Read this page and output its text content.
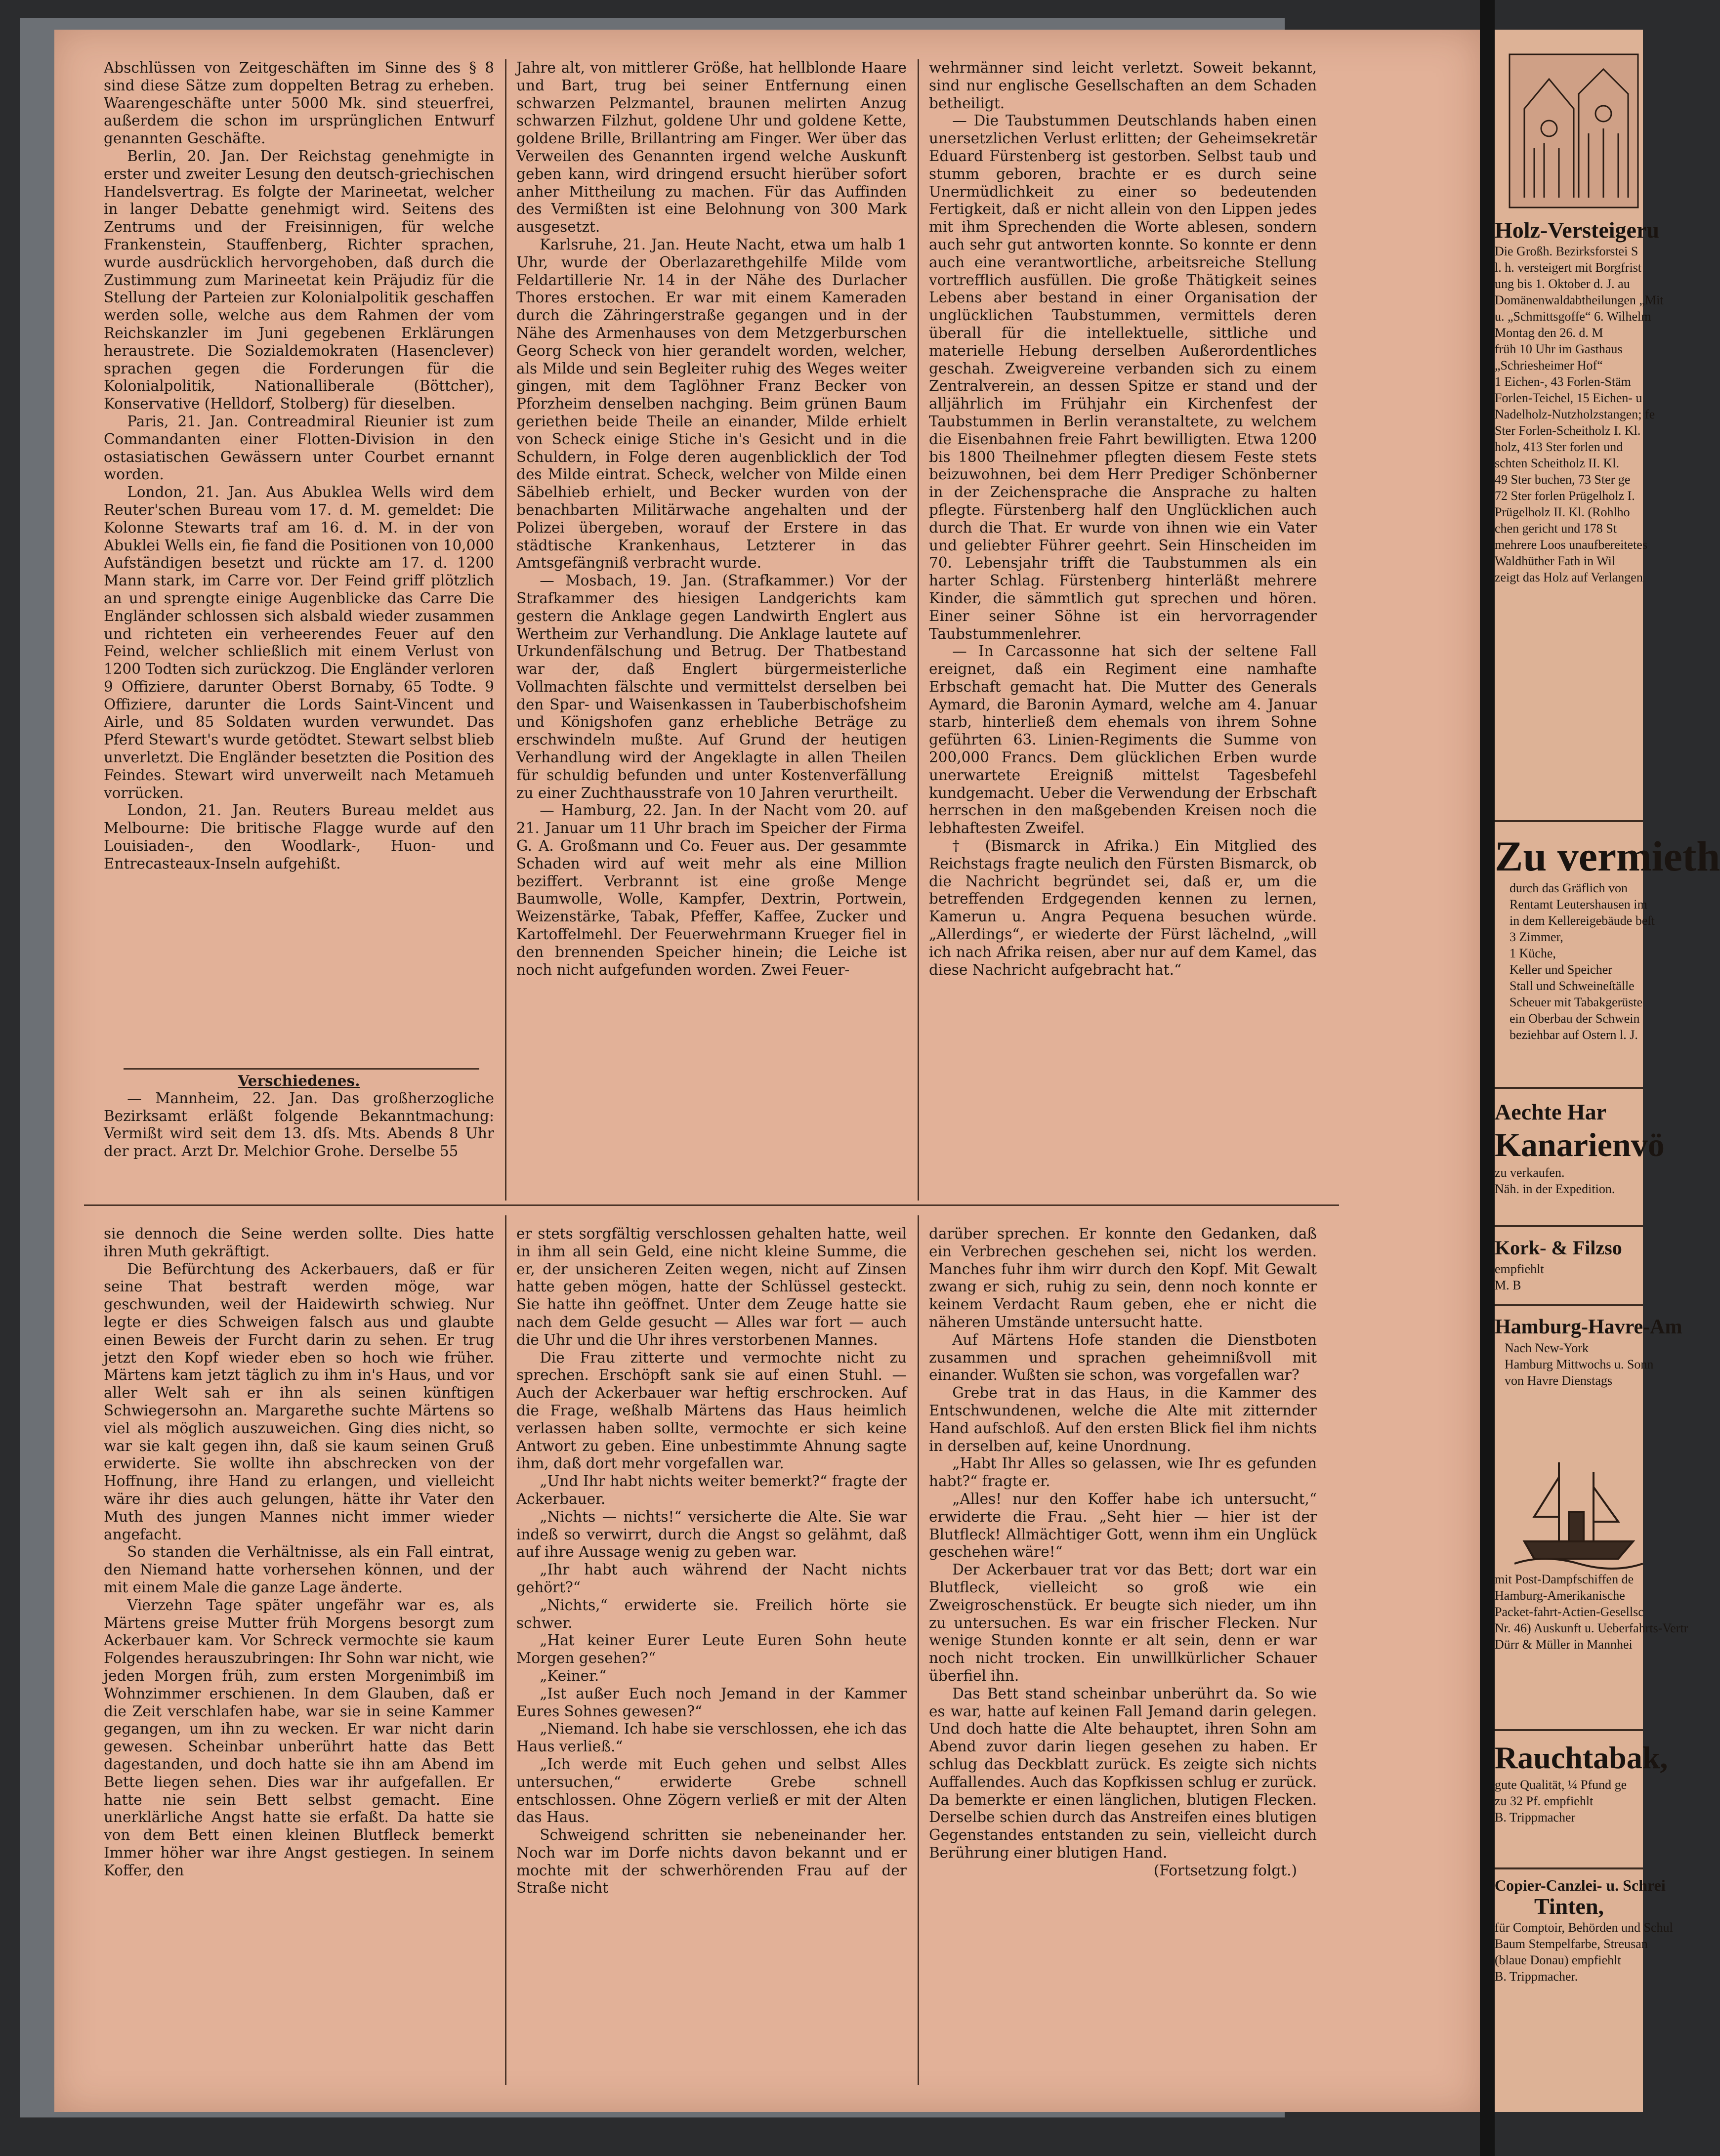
Abschlüssen von Zeitgeschäften im Sinne des § 8 sind diese Sätze zum doppelten Betrag zu erheben. Waarengeschäfte unter 5000 Mk. sind steuerfrei, außerdem die schon im ursprünglichen Entwurf genannten Geschäfte.

Berlin, 20. Jan. Der Reichstag genehmigte in erster und zweiter Lesung den deutsch-griechischen Handelsvertrag. Es folgte der Marineetat, welcher in langer Debatte genehmigt wird. Seitens des Zentrums und der Freisinnigen, für welche Frankenstein, Stauffenberg, Richter sprachen, wurde ausdrücklich hervorgehoben, daß durch die Zustimmung zum Marineetat kein Präjudiz für die Stellung der Parteien zur Kolonialpolitik geschaffen werden solle, welche aus dem Rahmen der vom Reichskanzler im Juni gegebenen Erklärungen heraustrete. Die Sozialdemokraten (Hasenclever) sprachen gegen die Forderungen für die Kolonialpolitik, Nationalliberale (Böttcher), Konservative (Helldorf, Stolberg) für dieselben.

Paris, 21. Jan. Contreadmiral Rieunier ist zum Commandanten einer Flotten-Division in den ostasiatischen Gewässern unter Courbet ernannt worden.

London, 21. Jan. Aus Abuklea Wells wird dem Reuter'schen Bureau vom 17. d. M. gemeldet: Die Kolonne Stewarts traf am 16. d. M. in der von Abuklei Wells ein, fie fand die Positionen von 10,000 Aufständigen besetzt und rückte am 17. d. 1200 Mann stark, im Carre vor. Der Feind griff plötzlich an und sprengte einige Augenblicke das Carre Die Engländer schlossen sich alsbald wieder zusammen und richteten ein verheerendes Feuer auf den Feind, welcher schließlich mit einem Verlust von 1200 Todten sich zurückzog. Die Engländer verloren 9 Offiziere, darunter Oberst Bornaby, 65 Todte. 9 Offiziere, darunter die Lords Saint-Vincent und Airle, und 85 Soldaten wurden verwundet. Das Pferd Stewart's wurde getödtet. Stewart selbst blieb unverletzt. Die Engländer besetzten die Position des Feindes. Stewart wird unverweilt nach Metamueh vorrücken.

London, 21. Jan. Reuters Bureau meldet aus Melbourne: Die britische Flagge wurde auf den Louisiaden-, den Woodlark-, Huon- und Entrecasteaux-Inseln aufgehißt.

Jahre alt, von mittlerer Größe, hat hellblonde Haare und Bart, trug bei seiner Entfernung einen schwarzen Pelzmantel, braunen melirten Anzug schwarzen Filzhut, goldene Uhr und goldene Kette, goldene Brille, Brillantring am Finger. Wer über das Verweilen des Genannten irgend welche Auskunft geben kann, wird dringend ersucht hierüber sofort anher Mittheilung zu machen. Für das Auffinden des Vermißten ist eine Belohnung von 300 Mark ausgesetzt.

Karlsruhe, 21. Jan. Heute Nacht, etwa um halb 1 Uhr, wurde der Oberlazarethgehilfe Milde vom Feldartillerie Nr. 14 in der Nähe des Durlacher Thores erstochen. Er war mit einem Kameraden durch die Zähringerstraße gegangen und in der Nähe des Armenhauses von dem Metzgerburschen Georg Scheck von hier gerandelt worden, welcher, als Milde und sein Begleiter ruhig des Weges weiter gingen, mit dem Taglöhner Franz Becker von Pforzheim denselben nachging. Beim grünen Baum geriethen beide Theile an einander, Milde erhielt von Scheck einige Stiche in's Gesicht und in die Schuldern, in Folge deren augenblicklich der Tod des Milde eintrat. Scheck, welcher von Milde einen Säbelhieb erhielt, und Becker wurden von der benachbarten Militärwache angehalten und der Polizei übergeben, worauf der Erstere in das städtische Krankenhaus, Letzterer in das Amtsgefängniß verbracht wurde.

— Mosbach, 19. Jan. (Strafkammer.) Vor der Strafkammer des hiesigen Landgerichts kam gestern die Anklage gegen Landwirth Englert aus Wertheim zur Verhandlung. Die Anklage lautete auf Urkundenfälschung und Betrug. Der Thatbestand war der, daß Englert bürgermeisterliche Vollmachten fälschte und vermittelst derselben bei den Spar- und Waisenkassen in Tauberbischofsheim und Königshofen ganz erhebliche Beträge zu erschwindeln mußte. Auf Grund der heutigen Verhandlung wird der Angeklagte in allen Theilen für schuldig befunden und unter Kostenverfällung zu einer Zuchthausstrafe von 10 Jahren verurtheilt.

— Hamburg, 22. Jan. In der Nacht vom 20. auf 21. Januar um 11 Uhr brach im Speicher der Firma G. A. Großmann und Co. Feuer aus. Der gesammte Schaden wird auf weit mehr als eine Million beziffert. Verbrannt ist eine große Menge Baumwolle, Wolle, Kampfer, Dextrin, Portwein, Weizenstärke, Tabak, Pfeffer, Kaffee, Zucker und Kartoffelmehl. Der Feuerwehrmann Krueger fiel in den brennenden Speicher hinein; die Leiche ist noch nicht aufgefunden worden. Zwei Feuer-

wehrmänner sind leicht verletzt. Soweit bekannt, sind nur englische Gesellschaften an dem Schaden betheiligt.

— Die Taubstummen Deutschlands haben einen unersetzlichen Verlust erlitten; der Geheimsekretär Eduard Fürstenberg ist gestorben. Selbst taub und stumm geboren, brachte er es durch seine Unermüdlichkeit zu einer so bedeutenden Fertigkeit, daß er nicht allein von den Lippen jedes mit ihm Sprechenden die Worte ablesen, sondern auch sehr gut antworten konnte. So konnte er denn auch eine verantwortliche, arbeitsreiche Stellung vortrefflich ausfüllen. Die große Thätigkeit seines Lebens aber bestand in einer Organisation der unglücklichen Taubstummen, vermittels deren überall für die intellektuelle, sittliche und materielle Hebung derselben Außerordentliches geschah. Zweigvereine verbanden sich zu einem Zentralverein, an dessen Spitze er stand und der alljährlich im Frühjahr ein Kirchenfest der Taubstummen in Berlin veranstaltete, zu welchem die Eisenbahnen freie Fahrt bewilligten. Etwa 1200 bis 1800 Theilnehmer pflegten diesem Feste stets beizuwohnen, bei dem Herr Prediger Schönberner in der Zeichensprache die Ansprache zu halten pflegte. Fürstenberg half den Unglücklichen auch durch die That. Er wurde von ihnen wie ein Vater und geliebter Führer geehrt. Sein Hinscheiden im 70. Lebensjahr trifft die Taubstummen als ein harter Schlag. Fürstenberg hinterläßt mehrere Kinder, die sämmtlich gut sprechen und hören. Einer seiner Söhne ist ein hervorragender Taubstummenlehrer.

— In Carcassonne hat sich der seltene Fall ereignet, daß ein Regiment eine namhafte Erbschaft gemacht hat. Die Mutter des Generals Aymard, die Baronin Aymard, welche am 4. Januar starb, hinterließ dem ehemals von ihrem Sohne geführten 63. Linien-Regiments die Summe von 200,000 Francs. Dem glücklichen Erben wurde unerwartete Ereigniß mittelst Tagesbefehl kundgemacht. Ueber die Verwendung der Erbschaft herrschen in den maßgebenden Kreisen noch die lebhaftesten Zweifel.

† (Bismarck in Afrika.) Ein Mitglied des Reichstags fragte neulich den Fürsten Bismarck, ob die Nachricht begründet sei, daß er, um die betreffenden Erdgegenden kennen zu lernen, Kamerun u. Angra Pequena besuchen würde. „Allerdings“, er wiederte der Fürst lächelnd, „will ich nach Afrika reisen, aber nur auf dem Kamel, das diese Nachricht aufgebracht hat.“

Verschiedenes.

— Mannheim, 22. Jan. Das großherzogliche Bezirksamt erläßt folgende Bekanntmachung: Vermißt wird seit dem 13. dſs. Mts. Abends 8 Uhr der pract. Arzt Dr. Melchior Grohe. Derselbe 55

sie dennoch die Seine werden sollte. Dies hatte ihren Muth gekräftigt.

Die Befürchtung des Ackerbauers, daß er für seine That bestraft werden möge, war geschwunden, weil der Haidewirth schwieg. Nur legte er dies Schweigen falsch aus und glaubte einen Beweis der Furcht darin zu sehen. Er trug jetzt den Kopf wieder eben so hoch wie früher. Märtens kam jetzt täglich zu ihm in's Haus, und vor aller Welt sah er ihn als seinen künftigen Schwiegersohn an. Margarethe suchte Märtens so viel als möglich auszuweichen. Ging dies nicht, so war sie kalt gegen ihn, daß sie kaum seinen Gruß erwiderte. Sie wollte ihn abschrecken von der Hoffnung, ihre Hand zu erlangen, und vielleicht wäre ihr dies auch gelungen, hätte ihr Vater den Muth des jungen Mannes nicht immer wieder angefacht.

So standen die Verhältnisse, als ein Fall eintrat, den Niemand hatte vorhersehen können, und der mit einem Male die ganze Lage änderte.

Vierzehn Tage später ungefähr war es, als Märtens greise Mutter früh Morgens besorgt zum Ackerbauer kam. Vor Schreck vermochte sie kaum Folgendes herauszubringen: Ihr Sohn war nicht, wie jeden Morgen früh, zum ersten Morgenimbiß im Wohnzimmer erschienen. In dem Glauben, daß er die Zeit verschlafen habe, war sie in seine Kammer gegangen, um ihn zu wecken. Er war nicht darin gewesen. Scheinbar unberührt hatte das Bett dagestanden, und doch hatte sie ihn am Abend im Bette liegen sehen. Dies war ihr aufgefallen. Er hatte nie sein Bett selbst gemacht. Eine unerklärliche Angst hatte sie erfaßt. Da hatte sie von dem Bett einen kleinen Blutfleck bemerkt Immer höher war ihre Angst gestiegen. In seinem Koffer, den

er stets sorgfältig verschlossen gehalten hatte, weil in ihm all sein Geld, eine nicht kleine Summe, die er, der unsicheren Zeiten wegen, nicht auf Zinsen hatte geben mögen, hatte der Schlüssel gesteckt. Sie hatte ihn geöffnet. Unter dem Zeuge hatte sie nach dem Gelde gesucht — Alles war fort — auch die Uhr und die Uhr ihres verstorbenen Mannes.

Die Frau zitterte und vermochte nicht zu sprechen. Erschöpft sank sie auf einen Stuhl. — Auch der Ackerbauer war heftig erschrocken. Auf die Frage, weßhalb Märtens das Haus heimlich verlassen haben sollte, vermochte er sich keine Antwort zu geben. Eine unbestimmte Ahnung sagte ihm, daß dort mehr vorgefallen war.

„Und Ihr habt nichts weiter bemerkt?“ fragte der Ackerbauer.

„Nichts — nichts!“ versicherte die Alte. Sie war indeß so verwirrt, durch die Angst so gelähmt, daß auf ihre Aussage wenig zu geben war.

„Ihr habt auch während der Nacht nichts gehört?“

„Nichts,“ erwiderte sie. Freilich hörte sie schwer.

„Hat keiner Eurer Leute Euren Sohn heute Morgen gesehen?“

„Keiner.“

„Ist außer Euch noch Jemand in der Kammer Eures Sohnes gewesen?“

„Niemand. Ich habe sie verschlossen, ehe ich das Haus verließ.“

„Ich werde mit Euch gehen und selbst Alles untersuchen,“ erwiderte Grebe schnell entschlossen. Ohne Zögern verließ er mit der Alten das Haus.

Schweigend schritten sie nebeneinander her. Noch war im Dorfe nichts davon bekannt und er mochte mit der schwerhörenden Frau auf der Straße nicht

darüber sprechen. Er konnte den Gedanken, daß ein Verbrechen geschehen sei, nicht los werden. Manches fuhr ihm wirr durch den Kopf. Mit Gewalt zwang er sich, ruhig zu sein, denn noch konnte er keinem Verdacht Raum geben, ehe er nicht die näheren Umstände untersucht hatte.

Auf Märtens Hofe standen die Dienstboten zusammen und sprachen geheimnißvoll mit einander. Wußten sie schon, was vorgefallen war?

Grebe trat in das Haus, in die Kammer des Entschwundenen, welche die Alte mit zitternder Hand aufschloß. Auf den ersten Blick fiel ihm nichts in derselben auf, keine Unordnung.

„Habt Ihr Alles so gelassen, wie Ihr es gefunden habt?“ fragte er.

„Alles! nur den Koffer habe ich untersucht,“ erwiderte die Frau. „Seht hier — hier ist der Blutfleck! Allmächtiger Gott, wenn ihm ein Unglück geschehen wäre!“

Der Ackerbauer trat vor das Bett; dort war ein Blutfleck, vielleicht so groß wie ein Zweigroschenstück. Er beugte sich nieder, um ihn zu untersuchen. Es war ein frischer Flecken. Nur wenige Stunden konnte er alt sein, denn er war noch nicht trocken. Ein unwillkürlicher Schauer überfiel ihn.

Das Bett stand scheinbar unberührt da. So wie es war, hatte auf keinen Fall Jemand darin gelegen. Und doch hatte die Alte behauptet, ihren Sohn am Abend zuvor darin liegen gesehen zu haben. Er schlug das Deckblatt zurück. Es zeigte sich nichts Auffallendes. Auch das Kopfkissen schlug er zurück. Da bemerkte er einen länglichen, blutigen Flecken. Derselbe schien durch das Anstreifen eines blutigen Gegenstandes entstanden zu sein, vielleicht durch Berührung einer blutigen Hand.

(Fortsetzung folgt.)

Holz-Versteigeru
Die Großh. Bezirksforstei S
l. h. versteigert mit Borgfrist
ung bis 1. Oktober d. J. au
Domänenwaldabtheilungen „Mit
u. „Schmittsgoffe“ 6. Wilhelm
Montag den 26. d. M
früh 10 Uhr im Gasthaus
„Schriesheimer Hof“
1 Eichen-, 43 Forlen-Stäm
Forlen-Teichel, 15 Eichen- u
Nadelholz-Nutzholzstangen; fe
Ster Forlen-Scheitholz I. Kl.
holz, 413 Ster forlen und
schten Scheitholz II. Kl.
49 Ster buchen, 73 Ster ge
72 Ster forlen Prügelholz I.
Prügelholz II. Kl. (Rohlho
chen gericht und 178 St
mehrere Loos unaufbereitetes
Waldhüther Fath in Wil
zeigt das Holz auf Verlangen
Zu vermieth
durch das Gräflich von
Rentamt Leutershausen im
in dem Kellereigebäude beſt
3 Zimmer,
1 Küche,
Keller und Speicher
Stall und Schweineſtälle
Scheuer mit Tabakgerüste
ein Oberbau der Schwein
beziehbar auf Ostern l. J.
Aechte Har
Kanarienvö
zu verkaufen.
Näh. in der Expedition.
Kork- & Filzso
empfiehlt
M. B
Hamburg-Havre-Am
Nach New-York
Hamburg Mittwochs u. Sonn
von Havre Dienstags
mit Post-Dampfschiffen de
Hamburg-Amerikanische
Packet-fahrt-Actien-Gesellsc
Nr. 46) Auskunft u. Ueberfahrts-Vertr
Dürr & Müller in Mannhei
Rauchtabak,
gute Qualität, ¼ Pfund ge
zu 32 Pf. empfiehlt
B. Trippmacher
Copier-Canzlei- u. Schrei
Tinten,
für Comptoir, Behörden und Schul
Baum Stempelfarbe, Streusan
(blaue Donau) empfiehlt
B. Trippmacher.
